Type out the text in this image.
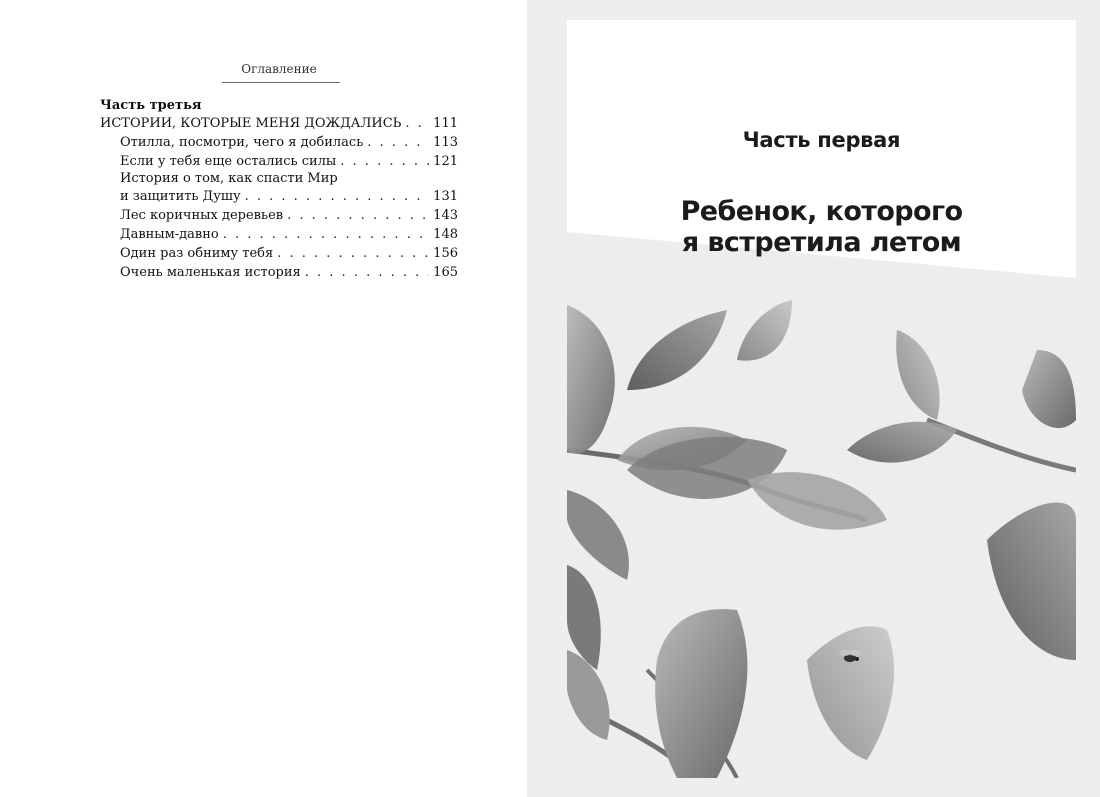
Оглавление
Часть третья
ИСТОРИИ, КОТОРЫЕ МЕНЯ ДОЖДАЛИСЬ . . . 111
Отилла, посмотри, чего я добилась . . .	113
Если у тебя еще остались силы . . .	121
История о том, как спасти Мир
и защитить Душу . . .	131
Лес коричных деревьев . . .	143
Давным-давно . . .	148
Один раз обниму тебя . . .	156
Очень маленькая история . . .	165
Часть первая
Ребенок, которого
я встретила летом
